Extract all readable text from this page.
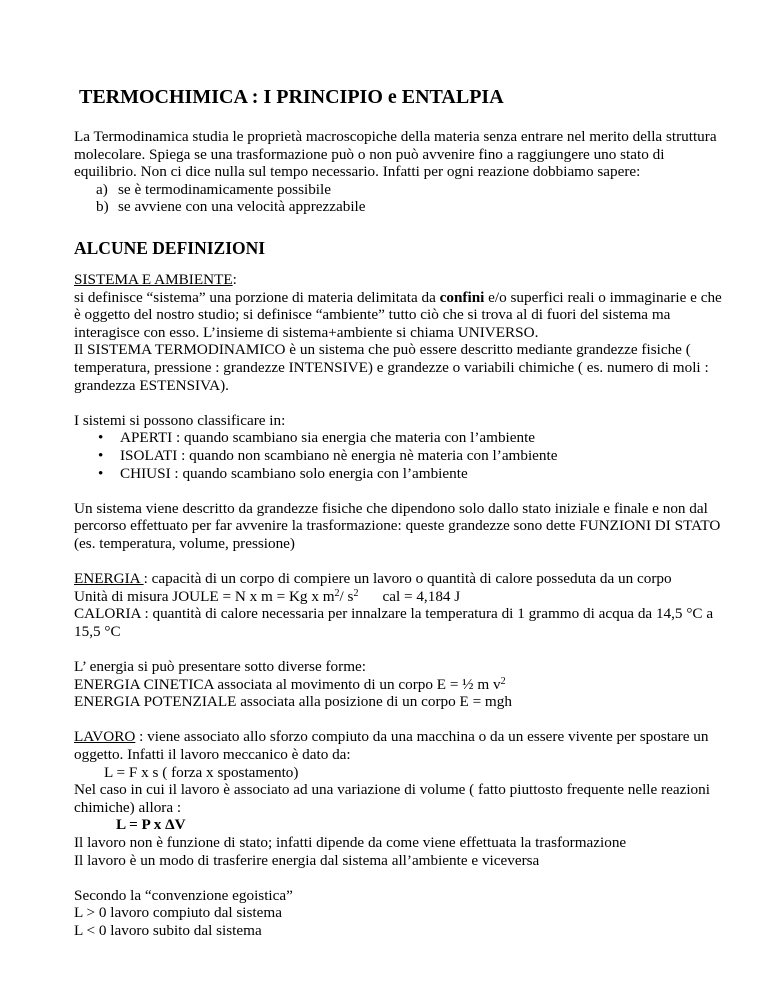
TERMOCHIMICA : I PRINCIPIO e ENTALPIA

La Termodinamica studia le proprietà macroscopiche della materia senza entrare nel merito della struttura molecolare. Spiega se una trasformazione può o non può avvenire fino a raggiungere uno stato di equilibrio. Non ci dice nulla sul tempo necessario. Infatti per ogni reazione dobbiamo sapere:

a) se è termodinamicamente possibile
b) se avviene con una velocità apprezzabile
ALCUNE DEFINIZIONI

SISTEMA E AMBIENTE:

si definisce “sistema” una porzione di materia delimitata da confini e/o superfici reali o immaginarie e che è oggetto del nostro studio; si definisce “ambiente” tutto ciò che si trova al di fuori del sistema ma interagisce con esso. L’insieme di sistema+ambiente si chiama UNIVERSO.

Il SISTEMA TERMODINAMICO è un sistema che può essere descritto mediante grandezze fisiche ( temperatura, pressione : grandezze INTENSIVE) e grandezze o variabili chimiche ( es. numero di moli : grandezza ESTENSIVA).

I sistemi si possono classificare in:

• APERTI : quando scambiano sia energia che materia con l’ambiente
• ISOLATI : quando non scambiano nè energia nè materia con l’ambiente
• CHIUSI : quando scambiano solo energia con l’ambiente

Un sistema viene descritto da grandezze fisiche che dipendono solo dallo stato iniziale e finale e non dal percorso effettuato per far avvenire la trasformazione: queste grandezze sono dette FUNZIONI DI STATO (es. temperatura, volume, pressione)

ENERGIA : capacità di un corpo di compiere un lavoro o quantità di calore posseduta da un corpo

Unità di misura JOULE = N x m = Kg x $m^2/$ $s^2$ cal = 4,184 J

CALORIA : quantità di calore necessaria per innalzare la temperatura di 1 grammo di acqua da 14,5 °C a 15,5 °C

L’ energia si può presentare sotto diverse forme:

ENERGIA CINETICA associata al movimento di un corpo E = ½ m $v^2$

ENERGIA POTENZIALE associata alla posizione di un corpo E = mgh

LAVORO : viene associato allo sforzo compiuto da una macchina o da un essere vivente per spostare un oggetto. Infatti il lavoro meccanico è dato da:

L = F x s ( forza x spostamento)

Nel caso in cui il lavoro è associato ad una variazione di volume ( fatto piuttosto frequente nelle reazioni chimiche) allora :

L = P x ΔV

Il lavoro non è funzione di stato; infatti dipende da come viene effettuata la trasformazione

Il lavoro è un modo di trasferire energia dal sistema all’ambiente e viceversa

Secondo la “convenzione egoistica”

L > 0 lavoro compiuto dal sistema

L < 0 lavoro subito dal sistema
